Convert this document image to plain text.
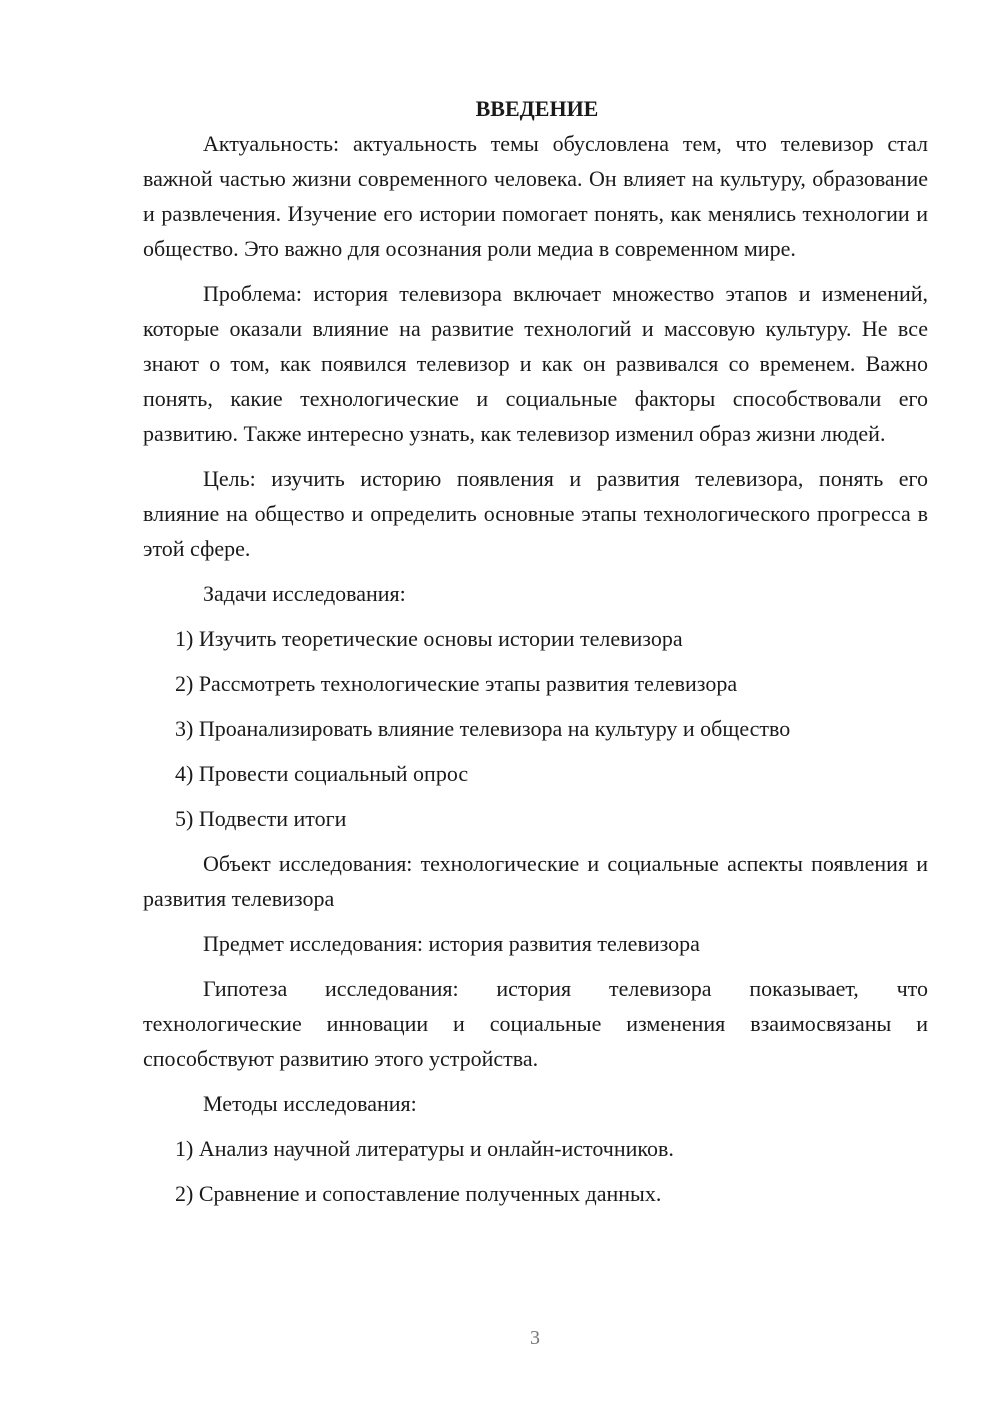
ВВЕДЕНИЕ

Актуальность: актуальность темы обусловлена тем, что телевизор стал важной частью жизни современного человека. Он влияет на культуру, образование и развлечения. Изучение его истории помогает понять, как менялись технологии и общество. Это важно для осознания роли медиа в современном мире.

Проблема: история телевизора включает множество этапов и изменений, которые оказали влияние на развитие технологий и массовую культуру. Не все знают о том, как появился телевизор и как он развивался со временем. Важно понять, какие технологические и социальные факторы способствовали его развитию. Также интересно узнать, как телевизор изменил образ жизни людей.

Цель: изучить историю появления и развития телевизора, понять его влияние на общество и определить основные этапы технологического прогресса в этой сфере.

Задачи исследования:

1) Изучить теоретические основы истории телевизора
2) Рассмотреть технологические этапы развития телевизора
3) Проанализировать влияние телевизора на культуру и общество
4) Провести социальный опрос
5) Подвести итоги

Объект исследования: технологические и социальные аспекты появления и развития телевизора

Предмет исследования: история развития телевизора

Гипотеза исследования: история телевизора показывает, что технологические инновации и социальные изменения взаимосвязаны и способствуют развитию этого устройства.

Методы исследования:

1) Анализ научной литературы и онлайн-источников.
2) Сравнение и сопоставление полученных данных.
3
